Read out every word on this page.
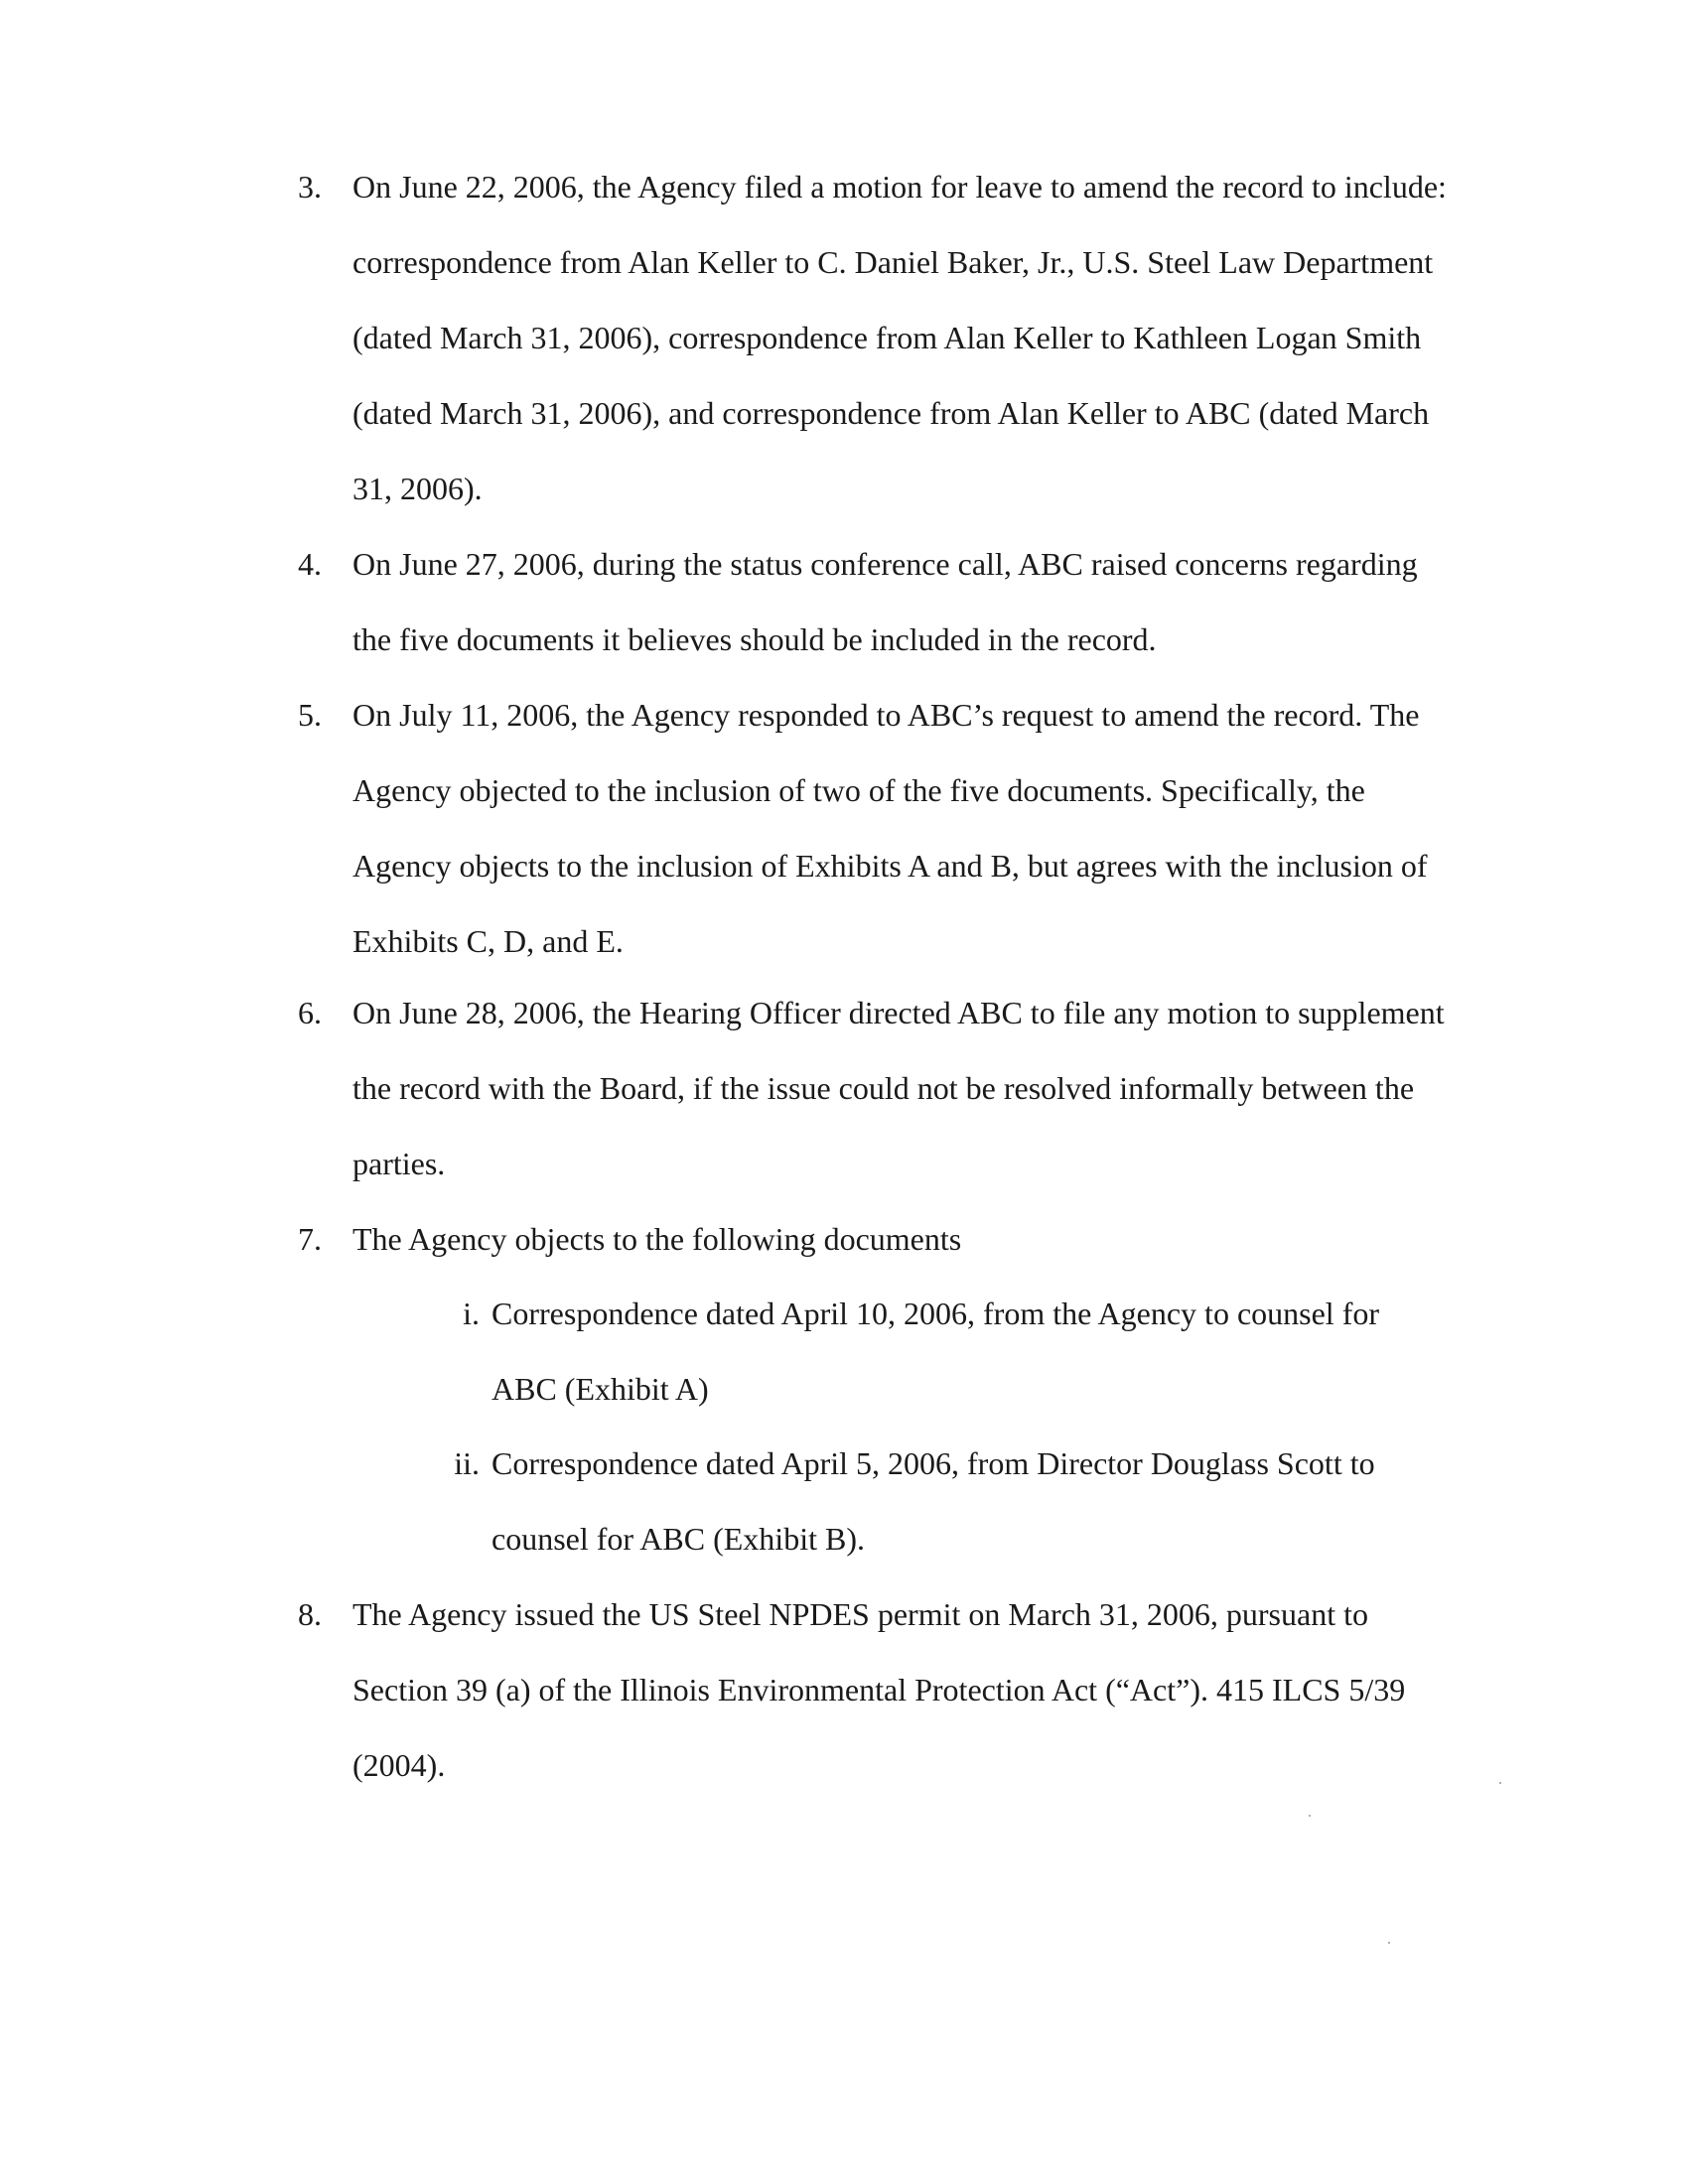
3. On June 22, 2006, the Agency filed a motion for leave to amend the record to include: correspondence from Alan Keller to C. Daniel Baker, Jr., U.S. Steel Law Department (dated March 31, 2006), correspondence from Alan Keller to Kathleen Logan Smith (dated March 31, 2006), and correspondence from Alan Keller to ABC (dated March 31, 2006).
4. On June 27, 2006, during the status conference call, ABC raised concerns regarding the five documents it believes should be included in the record.
5. On July 11, 2006, the Agency responded to ABC’s request to amend the record. The Agency objected to the inclusion of two of the five documents. Specifically, the Agency objects to the inclusion of Exhibits A and B, but agrees with the inclusion of Exhibits C, D, and E.
6. On June 28, 2006, the Hearing Officer directed ABC to file any motion to supplement the record with the Board, if the issue could not be resolved informally between the parties.
7. The Agency objects to the following documents
i. Correspondence dated April 10, 2006, from the Agency to counsel for ABC (Exhibit A)
ii. Correspondence dated April 5, 2006, from Director Douglass Scott to counsel for ABC (Exhibit B).
8. The Agency issued the US Steel NPDES permit on March 31, 2006, pursuant to Section 39 (a) of the Illinois Environmental Protection Act (“Act”). 415 ILCS 5/39 (2004).
